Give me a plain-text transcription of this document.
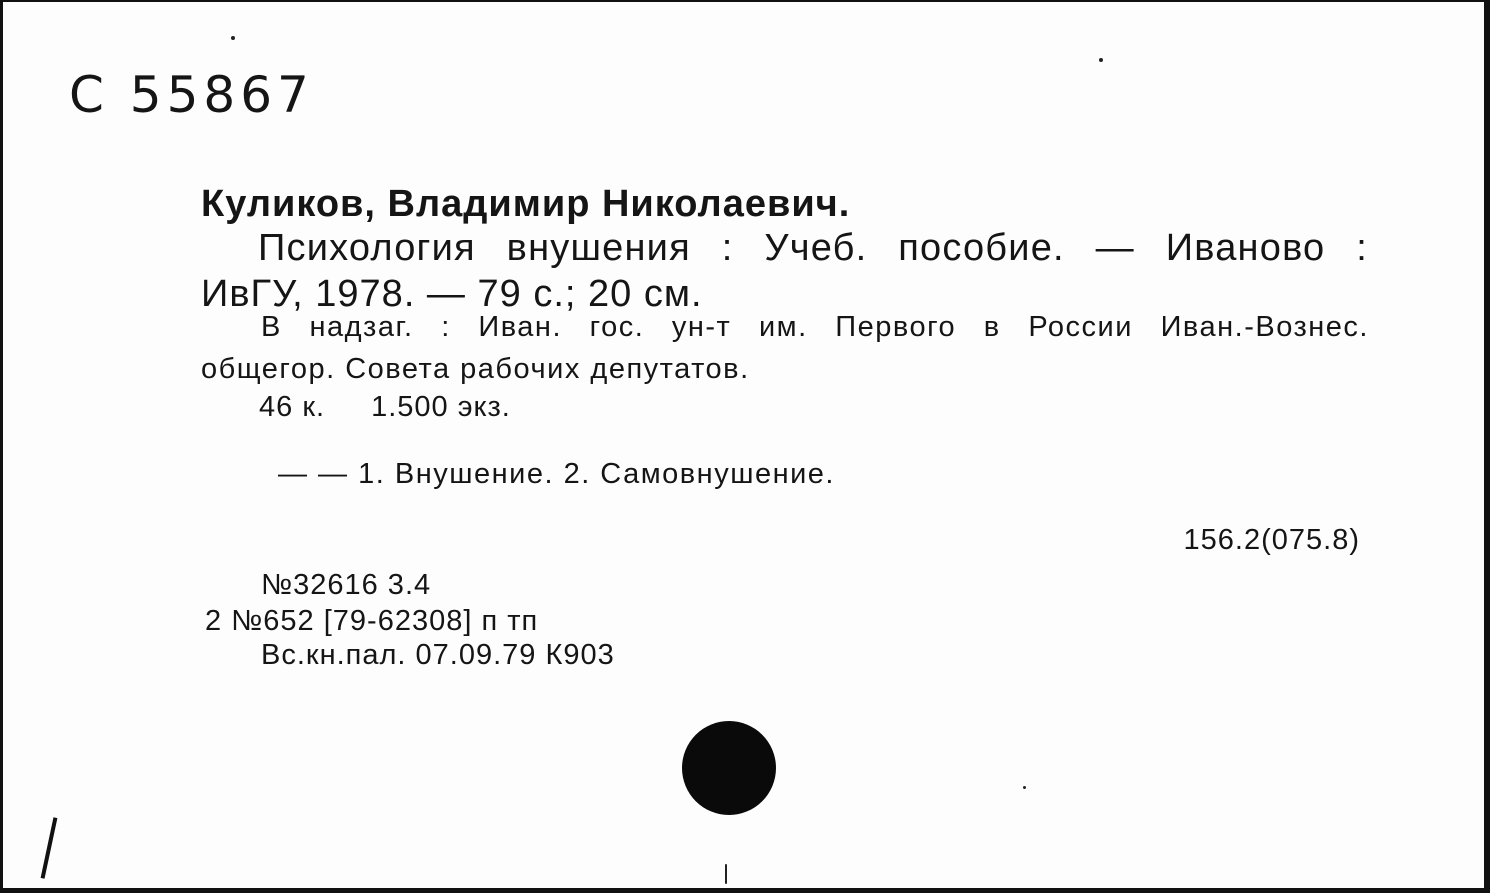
С 55867

Куликов, Владимир Николаевич.

Психология внушения : Учеб. пособие. — Иваново :

ИвГУ, 1978. — 79 с.; 20 см.

В надзаг. : Иван. гос. ун-т им. Первого в России Иван.-Вознес.

общегор. Совета рабочих депутатов.

46 к. 1.500 экз.

— — 1. Внушение. 2. Самовнушение.

156.2(075.8)

№32616 3.4

2 №652 [79-62308] п тп

Вс.кн.пал. 07.09.79 К903
